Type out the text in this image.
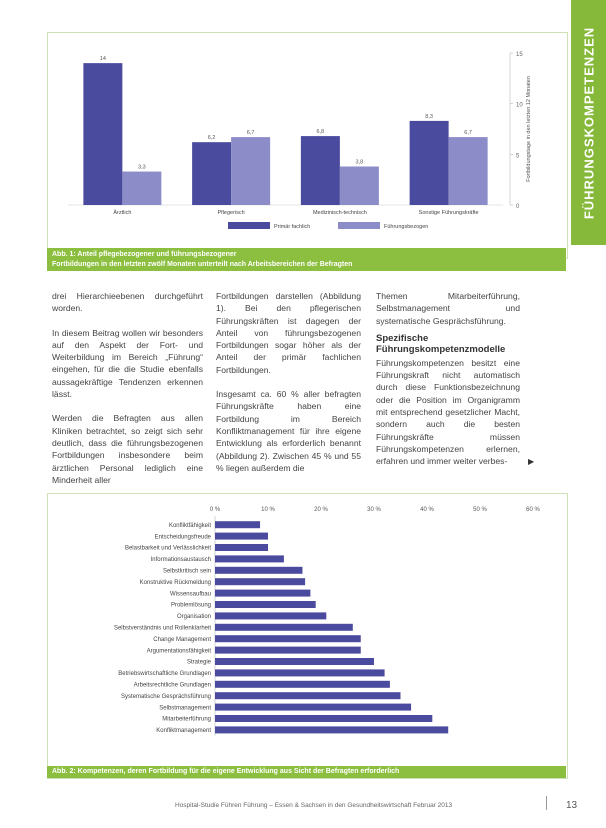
FÜHRUNGSKOMPETENZEN
0
5
10
15
Fortbildungstage in den letzten 12 Monaten
14
3,3
Ärztlich
6,2
6,7
Pflegerisch
6,8
3,8
Medizinisch-technisch
8,3
6,7
Sonstige Führungskräfte
Primär fachlich	Führungsbezogen
Abb. 1: Anteil pflegebezogener und führungsbezogener
Fortbildungen in den letzten zwölf Monaten unterteilt nach Arbeitsbereichen der Befragten

drei Hierarchieebenen durchgeführt worden.

In diesem Beitrag wollen wir besonders auf den Aspekt der Fort- und Weiterbildung im Bereich „Führung“ eingehen, für die die Studie ebenfalls aussagekräftige Tendenzen erkennen lässt.

Werden die Befragten aus allen Kliniken betrachtet, so zeigt sich sehr deutlich, dass die führungsbezogenen Fortbildungen insbesondere beim ärztlichen Personal lediglich eine Minderheit aller

Fortbildungen darstellen (Abbildung 1). Bei den pflegerischen Führungskräften ist dagegen der Anteil von führungsbezogenen Fortbildungen sogar höher als der Anteil der primär fachlichen Fortbildungen.

Insgesamt ca. 60 % aller befragten Führungskräfte haben eine Fortbildung im Bereich Konfliktmanagement für ihre eigene Entwicklung als erforderlich benannt (Abbildung 2). Zwischen 45 % und 55 % liegen außerdem die

Themen Mitarbeiterführung, Selbstmanagement und systematische Gesprächsführung.

Spezifische Führungskompetenzmodelle

Führungskompetenzen besitzt eine Führungskraft nicht automatisch durch diese Funktionsbezeichnung oder die Position im Organigramm mit entsprechend gesetzlicher Macht, sondern auch die besten Führungskräfte müssen Führungskompetenzen erlernen, erfahren und immer weiter verbes-	▶
0 %	10 %	20 %	30 %	40 %	50 %	60 %
Konfliktfähigkeit
Entscheidungsfreude
Belastbarkeit und Verlässlichkeit
Informationsaustausch
Selbstkritisch sein
Konstruktive Rückmeldung
Wissensaufbau
Problemlösung
Organisation
Selbstverständnis und Rollenklarheit
Change Management
Argumentationsfähigkeit
Strategie
Betriebswirtschaftliche Grundlagen
Arbeitsrechtliche Grundlagen
Systematische Gesprächsführung
Selbstmanagement
Mitarbeiterführung
Konfliktmanagement
Abb. 2: Kompetenzen, deren Fortbildung für die eigene Entwicklung aus Sicht der Befragten erforderlich
Hospital-Studie Führen Führung – Essen & Sachsen in den Gesundheitswirtschaft Februar 2013	13
